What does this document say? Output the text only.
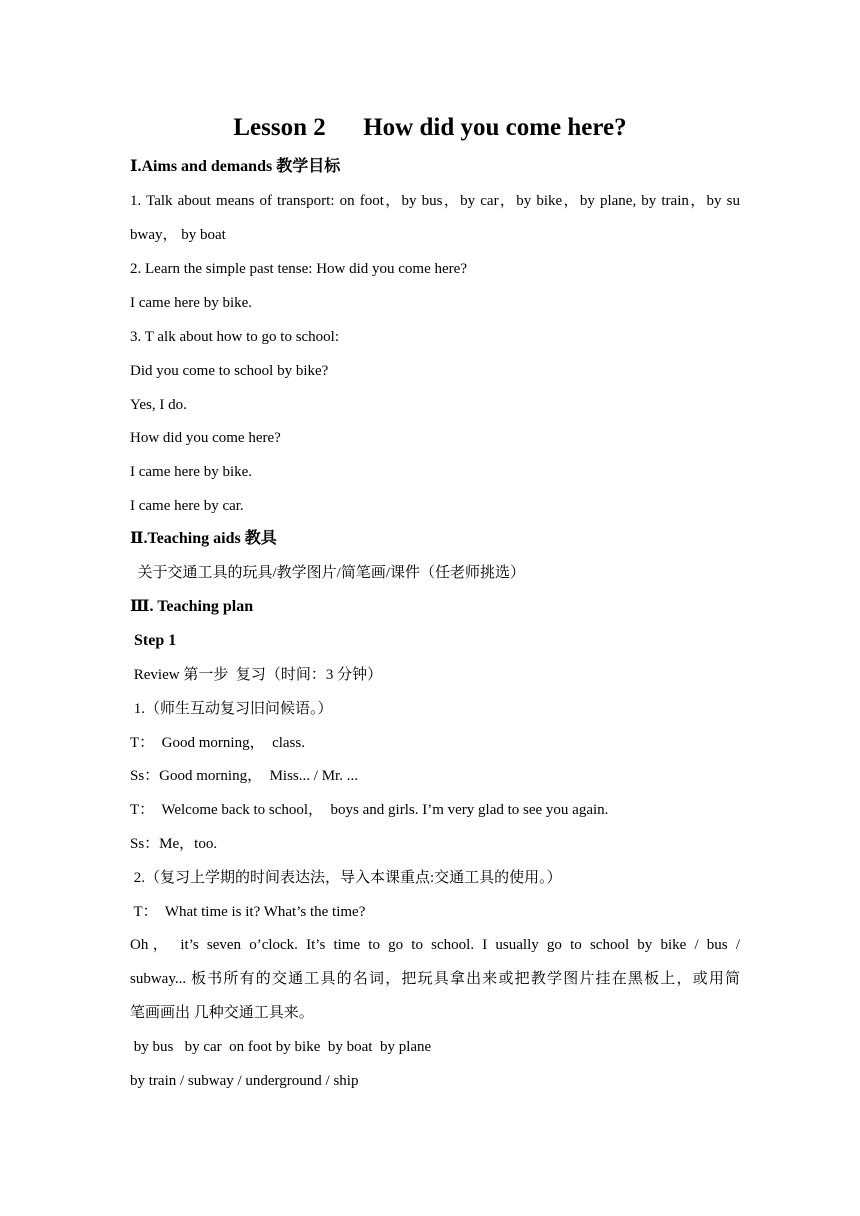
Lesson 2      How did you come here?
Ⅰ.Aims and demands 教学目标
1. Talk about means of transport: on foot，by bus，by car，by bike，by plane, by train，by su
bway， by boat
2. Learn the simple past tense: How did you come here?
I came here by bike.
3. T alk about how to go to school:
Did you come to school by bike?
Yes, I do.
How did you come here?
I came here by bike.
I came here by car.
Ⅱ.Teaching aids 教具
关于交通工具的玩具/教学图片/简笔画/课件（任老师挑选）
Ⅲ. Teaching plan
Step 1
Review 第一步  复习（时间：3 分钟）
1.（师生互动复习旧问候语。）
T：  Good morning，  class.
Ss：Good morning，  Miss... / Mr. ...
T：  Welcome back to school，  boys and girls. I’m very glad to see you again.
Ss：Me，too.
2.（复习上学期的时间表达法，导入本课重点:交通工具的使用。）
T：  What time is it? What’s the time?
Oh， it’s seven o’clock. It’s time to go to school. I usually go to school by bike / bus /
subway... 板书所有的交通工具的名词，把玩具拿出来或把教学图片挂在黑板上，或用简
笔画画出 几种交通工具来。
by bus   by car  on foot by bike  by boat  by plane
by train / subway / underground / ship
